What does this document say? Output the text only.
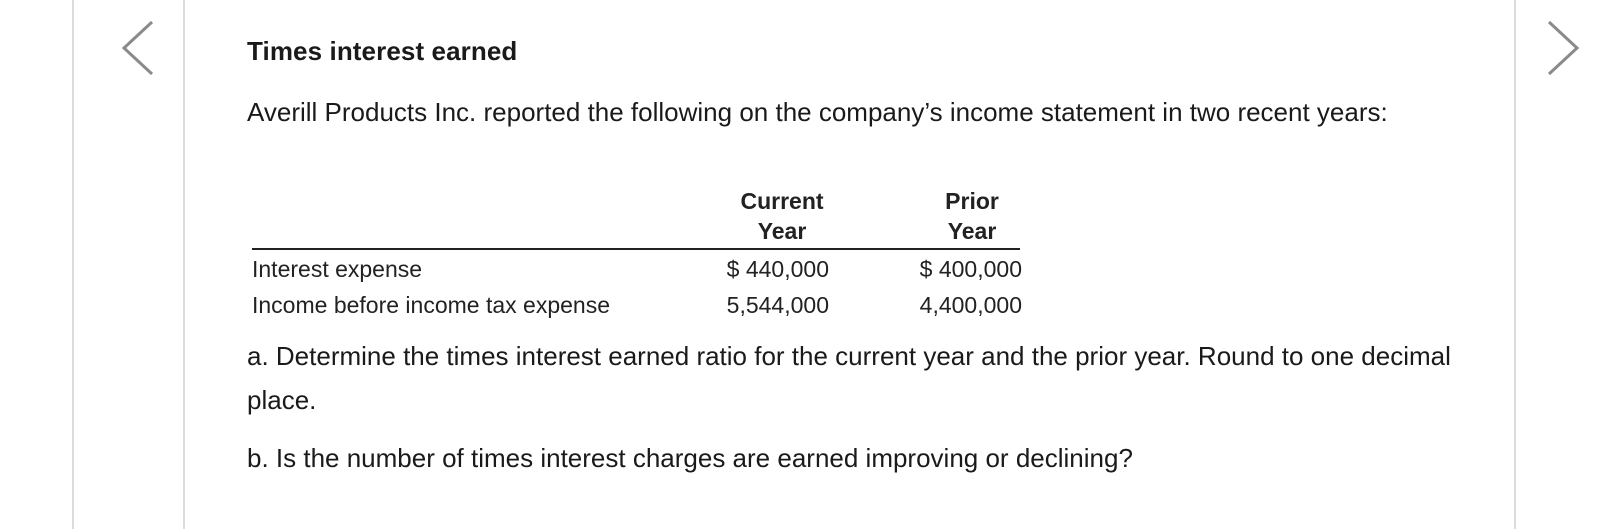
Times interest earned

Averill Products Inc. reported the following on the company’s income statement in two recent years:

Current
Year
Prior
Year
Interest expense	$ 440,000	$ 400,000
Income before income tax expense	5,544,000	4,400,000

a. Determine the times interest earned ratio for the current year and the prior year. Round to one decimal place.

b. Is the number of times interest charges are earned improving or declining?
